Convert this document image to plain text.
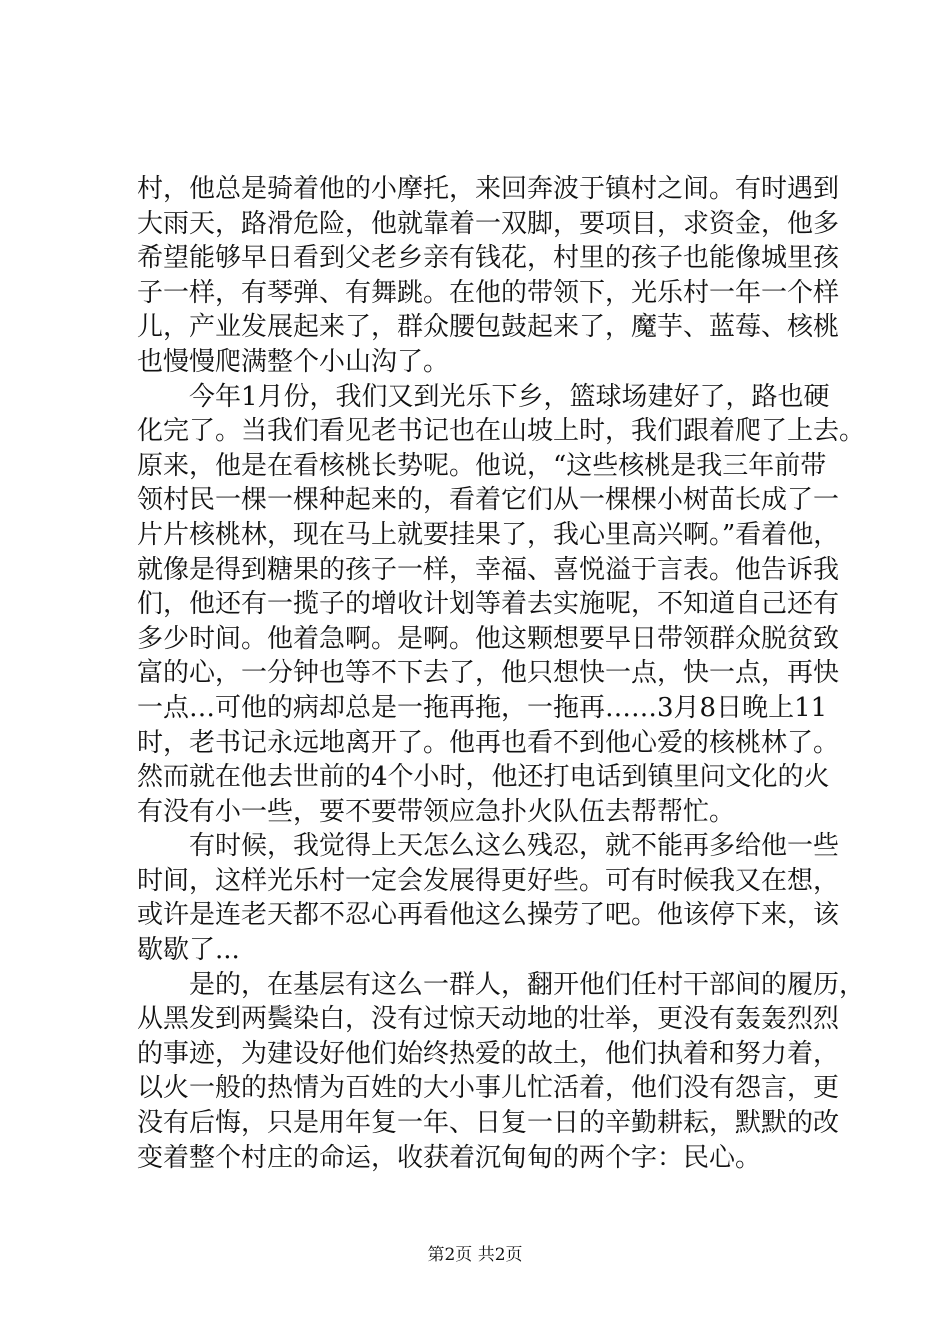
村，他总是骑着他的小摩托，来回奔波于镇村之间。有时遇到
大雨天，路滑危险，他就靠着一双脚，要项目，求资金，他多
希望能够早日看到父老乡亲有钱花，村里的孩子也能像城里孩
子一样，有琴弹、有舞跳。在他的带领下，光乐村一年一个样
儿，产业发展起来了，群众腰包鼓起来了，魔芋、蓝莓、核桃
也慢慢爬满整个小山沟了。
　　今年1月份，我们又到光乐下乡，篮球场建好了，路也硬
化完了。当我们看见老书记也在山坡上时，我们跟着爬了上去。
原来，他是在看核桃长势呢。他说，“这些核桃是我三年前带
领村民一棵一棵种起来的，看着它们从一棵棵小树苗长成了一
片片核桃林，现在马上就要挂果了，我心里高兴啊。”看着他，
就像是得到糖果的孩子一样，幸福、喜悦溢于言表。他告诉我
们，他还有一揽子的增收计划等着去实施呢，不知道自己还有
多少时间。他着急啊。是啊。他这颗想要早日带领群众脱贫致
富的心，一分钟也等不下去了，他只想快一点，快一点，再快
一点…可他的病却总是一拖再拖，一拖再……3月8日晚上11
时，老书记永远地离开了。他再也看不到他心爱的核桃林了。
然而就在他去世前的4个小时，他还打电话到镇里问文化的火
有没有小一些，要不要带领应急扑火队伍去帮帮忙。
　　有时候，我觉得上天怎么这么残忍，就不能再多给他一些
时间，这样光乐村一定会发展得更好些。可有时候我又在想，
或许是连老天都不忍心再看他这么操劳了吧。他该停下来，该
歇歇了...
　　是的，在基层有这么一群人，翻开他们任村干部间的履历，
从黑发到两鬓染白，没有过惊天动地的壮举，更没有轰轰烈烈
的事迹，为建设好他们始终热爱的故土，他们执着和努力着，
以火一般的热情为百姓的大小事儿忙活着，他们没有怨言，更
没有后悔，只是用年复一年、日复一日的辛勤耕耘，默默的改
变着整个村庄的命运，收获着沉甸甸的两个字：民心。
第2页 共2页
